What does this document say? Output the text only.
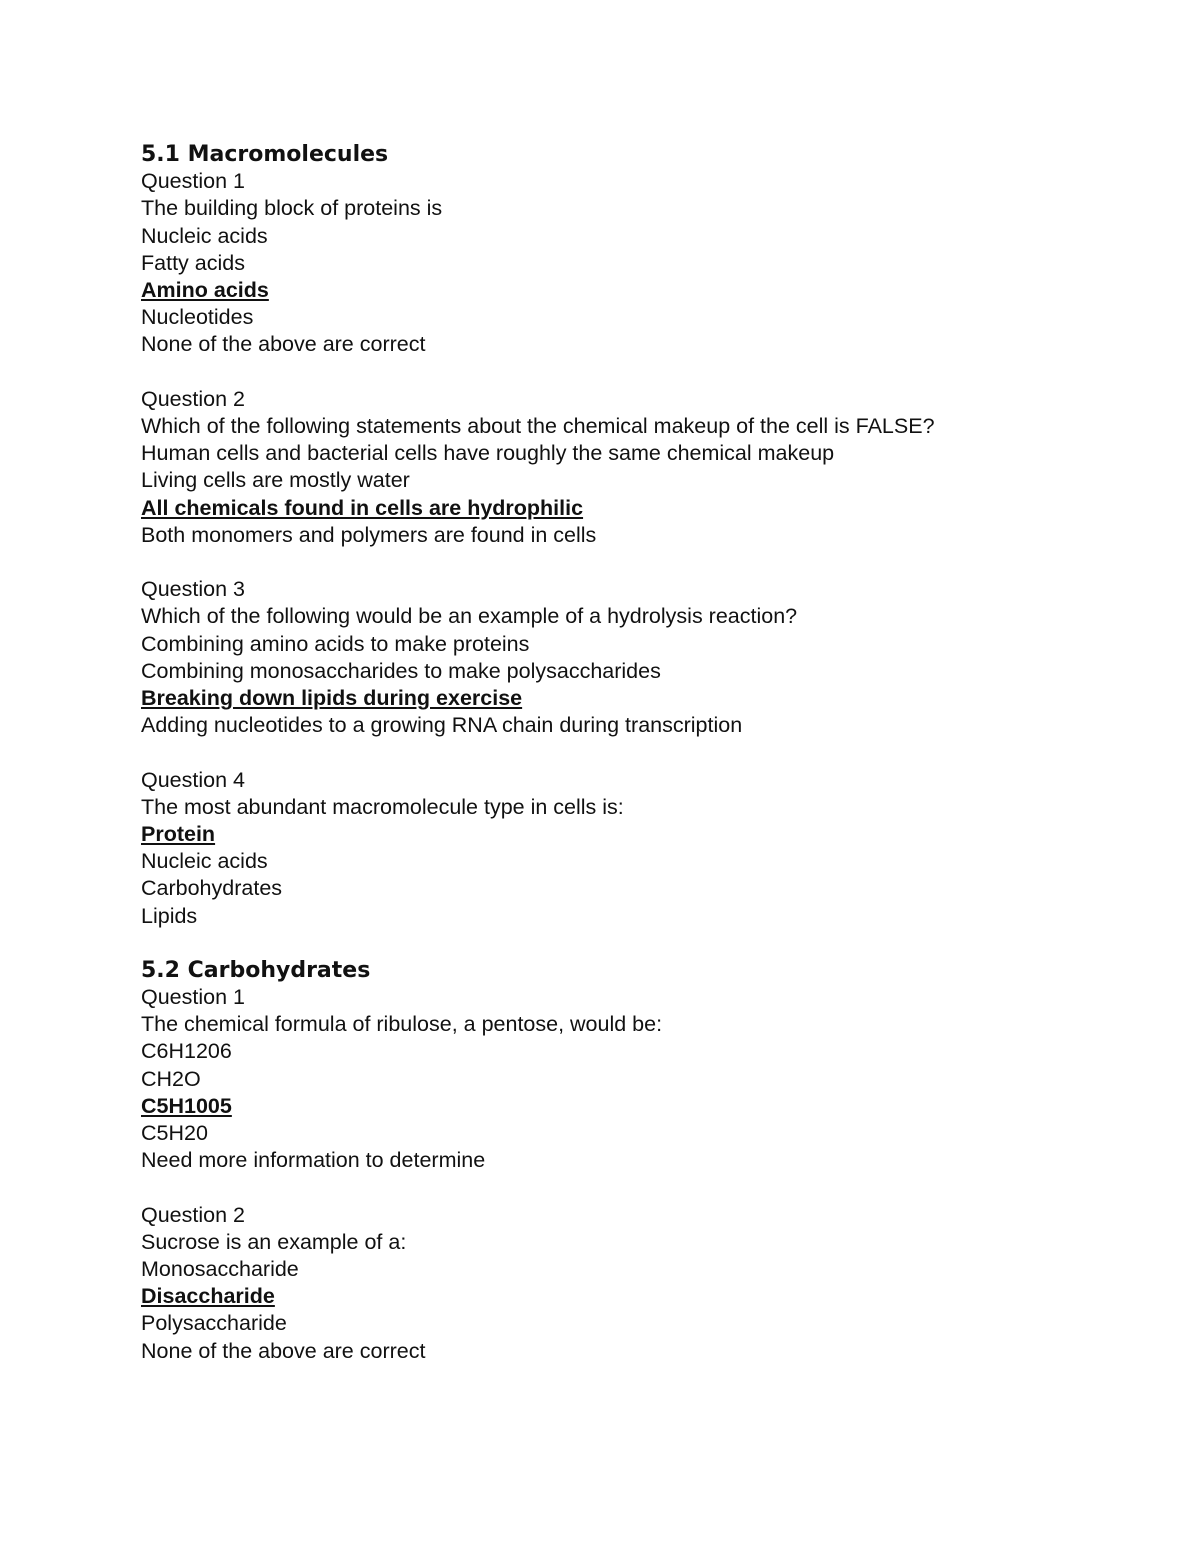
5.1 Macromolecules
Question 1
The building block of proteins is
Nucleic acids
Fatty acids
Amino acids
Nucleotides
None of the above are correct
Question 2
Which of the following statements about the chemical makeup of the cell is FALSE?
Human cells and bacterial cells have roughly the same chemical makeup
Living cells are mostly water
All chemicals found in cells are hydrophilic
Both monomers and polymers are found in cells
Question 3
Which of the following would be an example of a hydrolysis reaction?
Combining amino acids to make proteins
Combining monosaccharides to make polysaccharides
Breaking down lipids during exercise
Adding nucleotides to a growing RNA chain during transcription
Question 4
The most abundant macromolecule type in cells is:
Protein
Nucleic acids
Carbohydrates
Lipids
5.2 Carbohydrates
Question 1
The chemical formula of ribulose, a pentose, would be:
C6H1206
CH2O
C5H1005
C5H20
Need more information to determine
Question 2
Sucrose is an example of a:
Monosaccharide
Disaccharide
Polysaccharide
None of the above are correct
